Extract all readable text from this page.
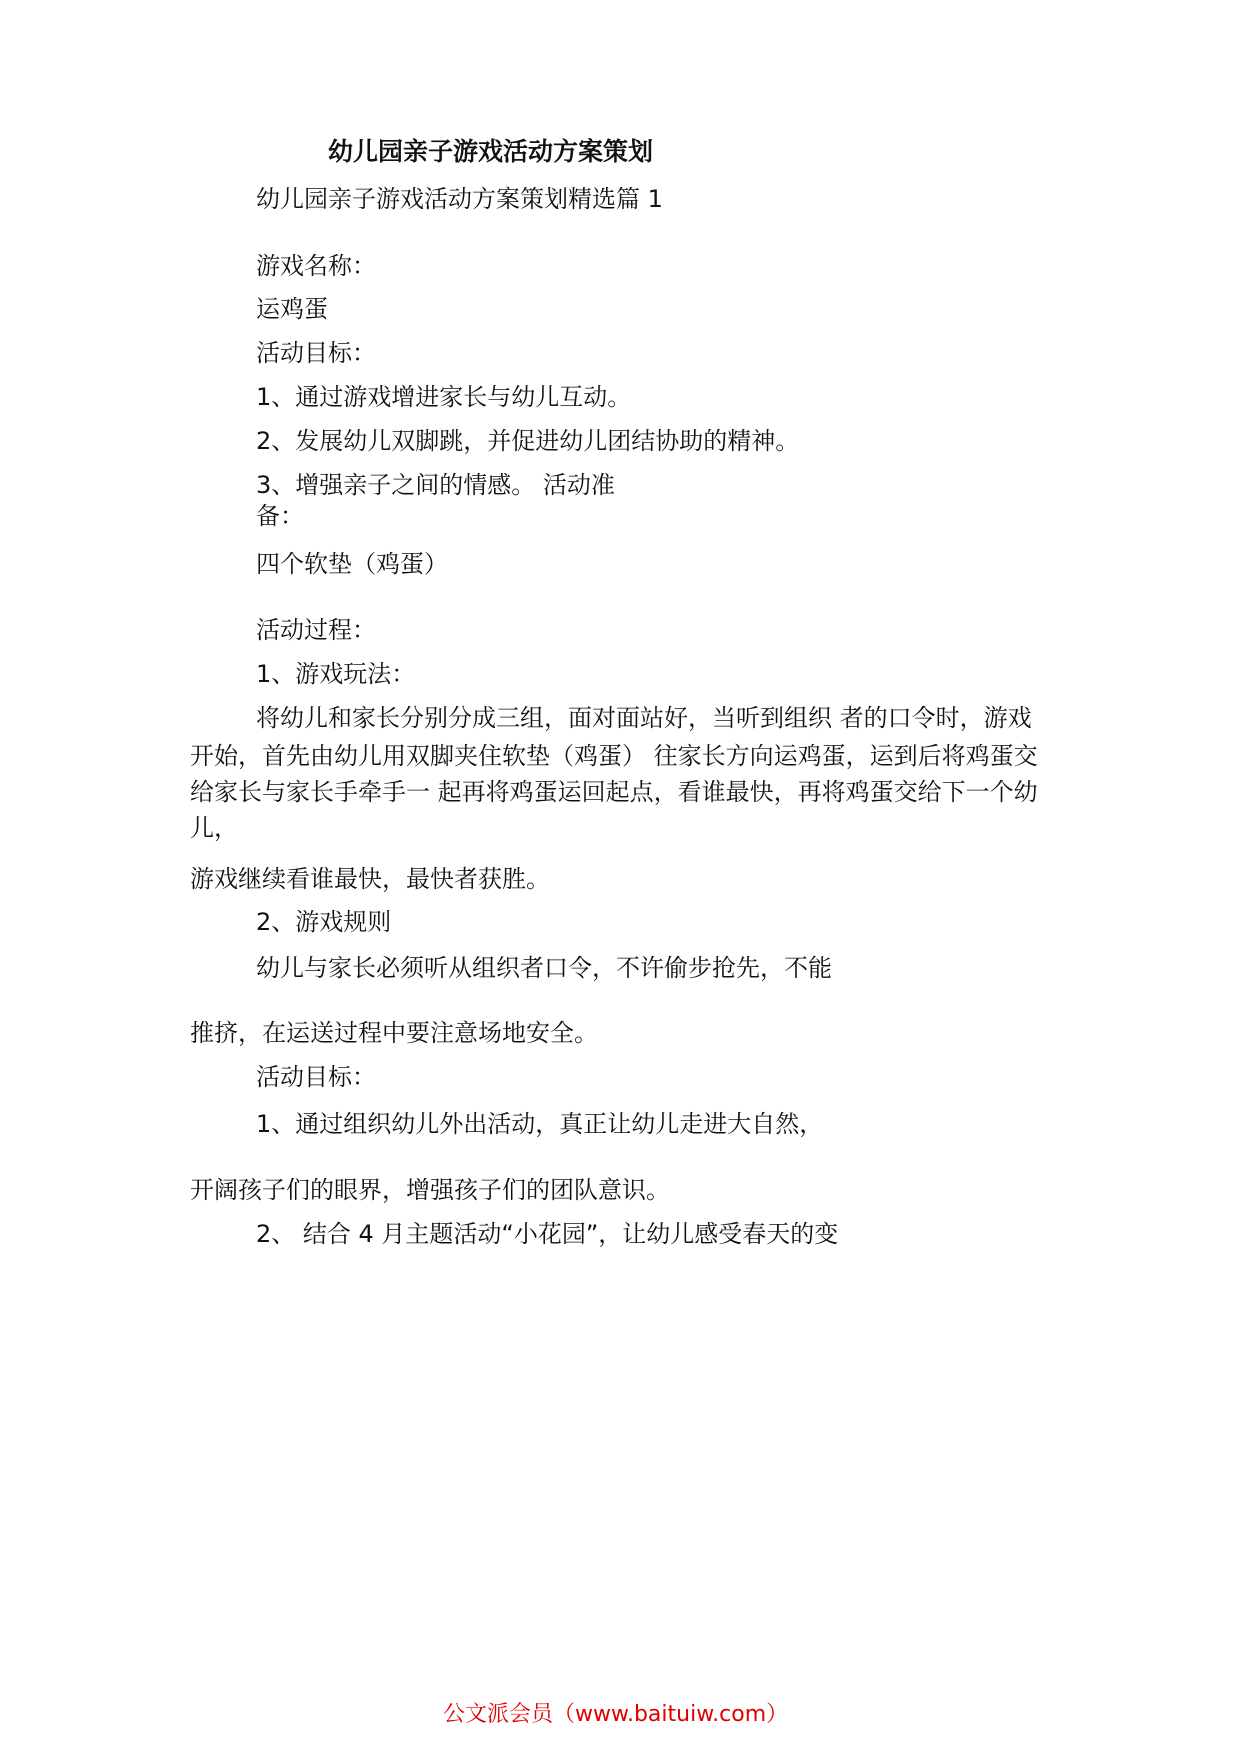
幼儿园亲子游戏活动方案策划

幼儿园亲子游戏活动方案策划精选篇 1

游戏名称：

运鸡蛋

活动目标：

1、通过游戏增进家长与幼儿互动。

2、发展幼儿双脚跳，并促进幼儿团结协助的精神。

3、增强亲子之间的情感。 活动准

备：

四个软垫（鸡蛋）

活动过程：

1、游戏玩法：

将幼儿和家长分别分成三组，面对面站好，当听到组织 者的口令时，游戏

开始，首先由幼儿用双脚夹住软垫（鸡蛋） 往家长方向运鸡蛋，运到后将鸡蛋交

给家长与家长手牵手一 起再将鸡蛋运回起点，看谁最快，再将鸡蛋交给下一个幼

儿，

游戏继续看谁最快，最快者获胜。

2、游戏规则

幼儿与家长必须听从组织者口令，不许偷步抢先，不能

推挤，在运送过程中要注意场地安全。

活动目标：

1、通过组织幼儿外出活动，真正让幼儿走进大自然，

开阔孩子们的眼界，增强孩子们的团队意识。

2、 结合 4 月主题活动“小花园”，让幼儿感受春天的变

公文派会员（www.baituiw.com）
